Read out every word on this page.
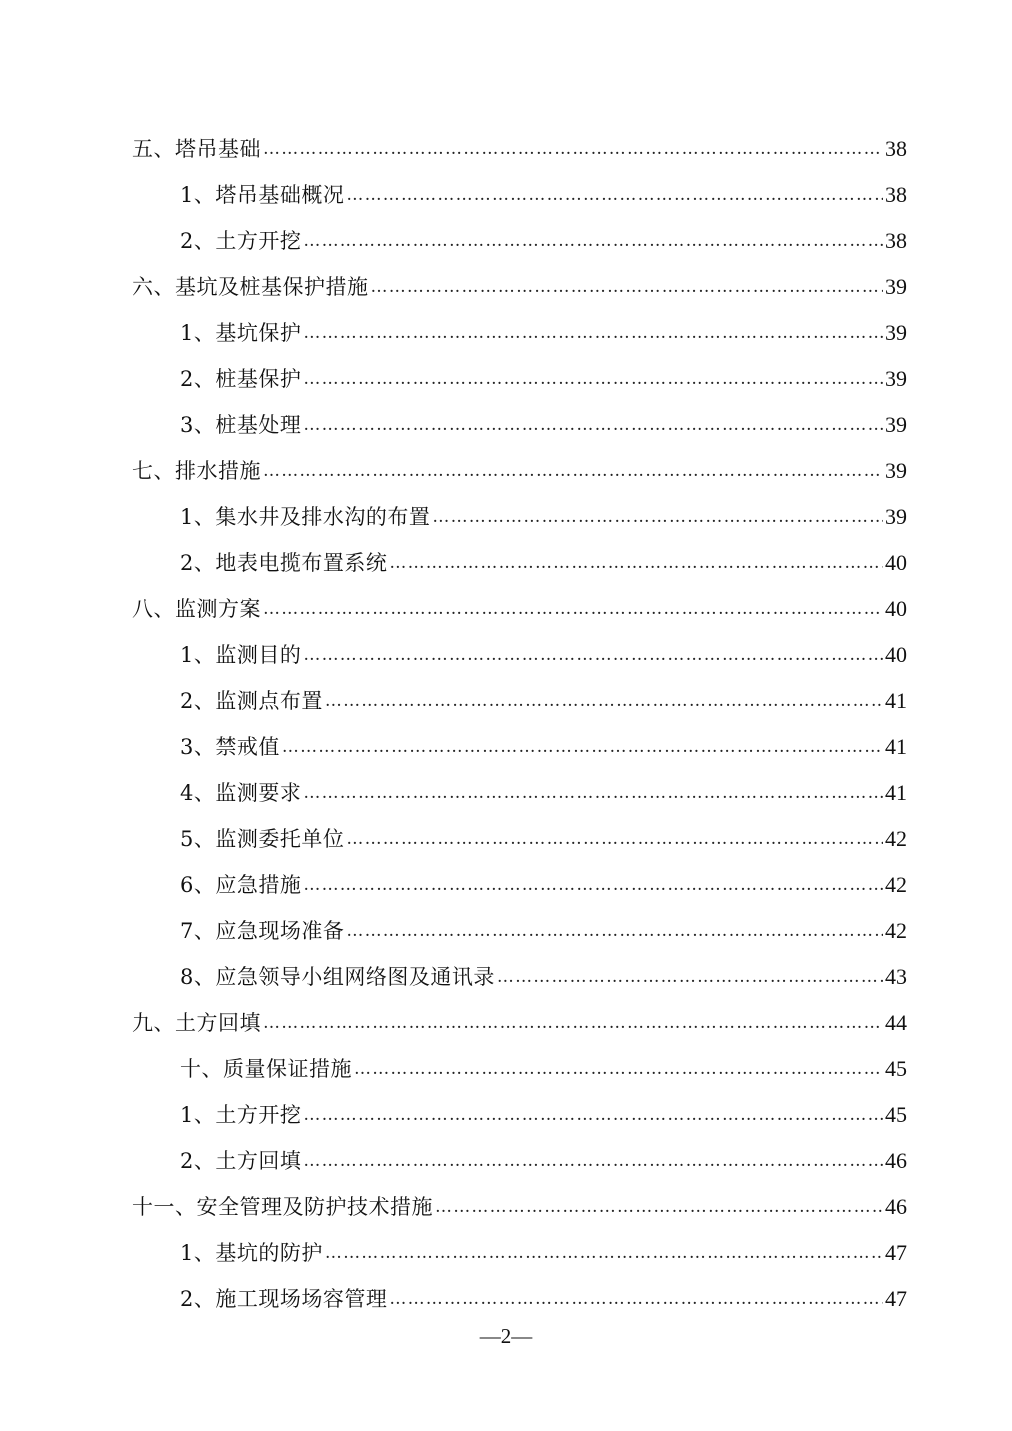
五、塔吊基础 ………………………………………………………………………………………………………………………………………………………………………	38
1、塔吊基础概况 ………………………………………………………………………………………………………………………………………………………………………	38
2、土方开挖 ………………………………………………………………………………………………………………………………………………………………………	38
六、基坑及桩基保护措施 ………………………………………………………………………………………………………………………………………………………………………	39
1、基坑保护 ………………………………………………………………………………………………………………………………………………………………………	39
2、桩基保护 ………………………………………………………………………………………………………………………………………………………………………	39
3、桩基处理 ………………………………………………………………………………………………………………………………………………………………………	39
七、排水措施 ………………………………………………………………………………………………………………………………………………………………………	39
1、集水井及排水沟的布置 ………………………………………………………………………………………………………………………………………………………………………	39
2、地表电揽布置系统 ………………………………………………………………………………………………………………………………………………………………………	40
八、监测方案 ………………………………………………………………………………………………………………………………………………………………………	40
1、监测目的 ………………………………………………………………………………………………………………………………………………………………………	40
2、监测点布置 ………………………………………………………………………………………………………………………………………………………………………	41
3、禁戒值 ………………………………………………………………………………………………………………………………………………………………………	41
4、监测要求 ………………………………………………………………………………………………………………………………………………………………………	41
5、监测委托单位 ………………………………………………………………………………………………………………………………………………………………………	42
6、应急措施 ………………………………………………………………………………………………………………………………………………………………………	42
7、应急现场准备 ………………………………………………………………………………………………………………………………………………………………………	42
8、应急领导小组网络图及通讯录 ………………………………………………………………………………………………………………………………………………………………………	43
九、土方回填 ………………………………………………………………………………………………………………………………………………………………………	44
十、质量保证措施 ………………………………………………………………………………………………………………………………………………………………………	45
1、土方开挖 ………………………………………………………………………………………………………………………………………………………………………	45
2、土方回填 ………………………………………………………………………………………………………………………………………………………………………	46
十一、安全管理及防护技术措施 ………………………………………………………………………………………………………………………………………………………………………	46
1、基坑的防护 ………………………………………………………………………………………………………………………………………………………………………	47
2、施工现场场容管理 ………………………………………………………………………………………………………………………………………………………………………	47
—2—
